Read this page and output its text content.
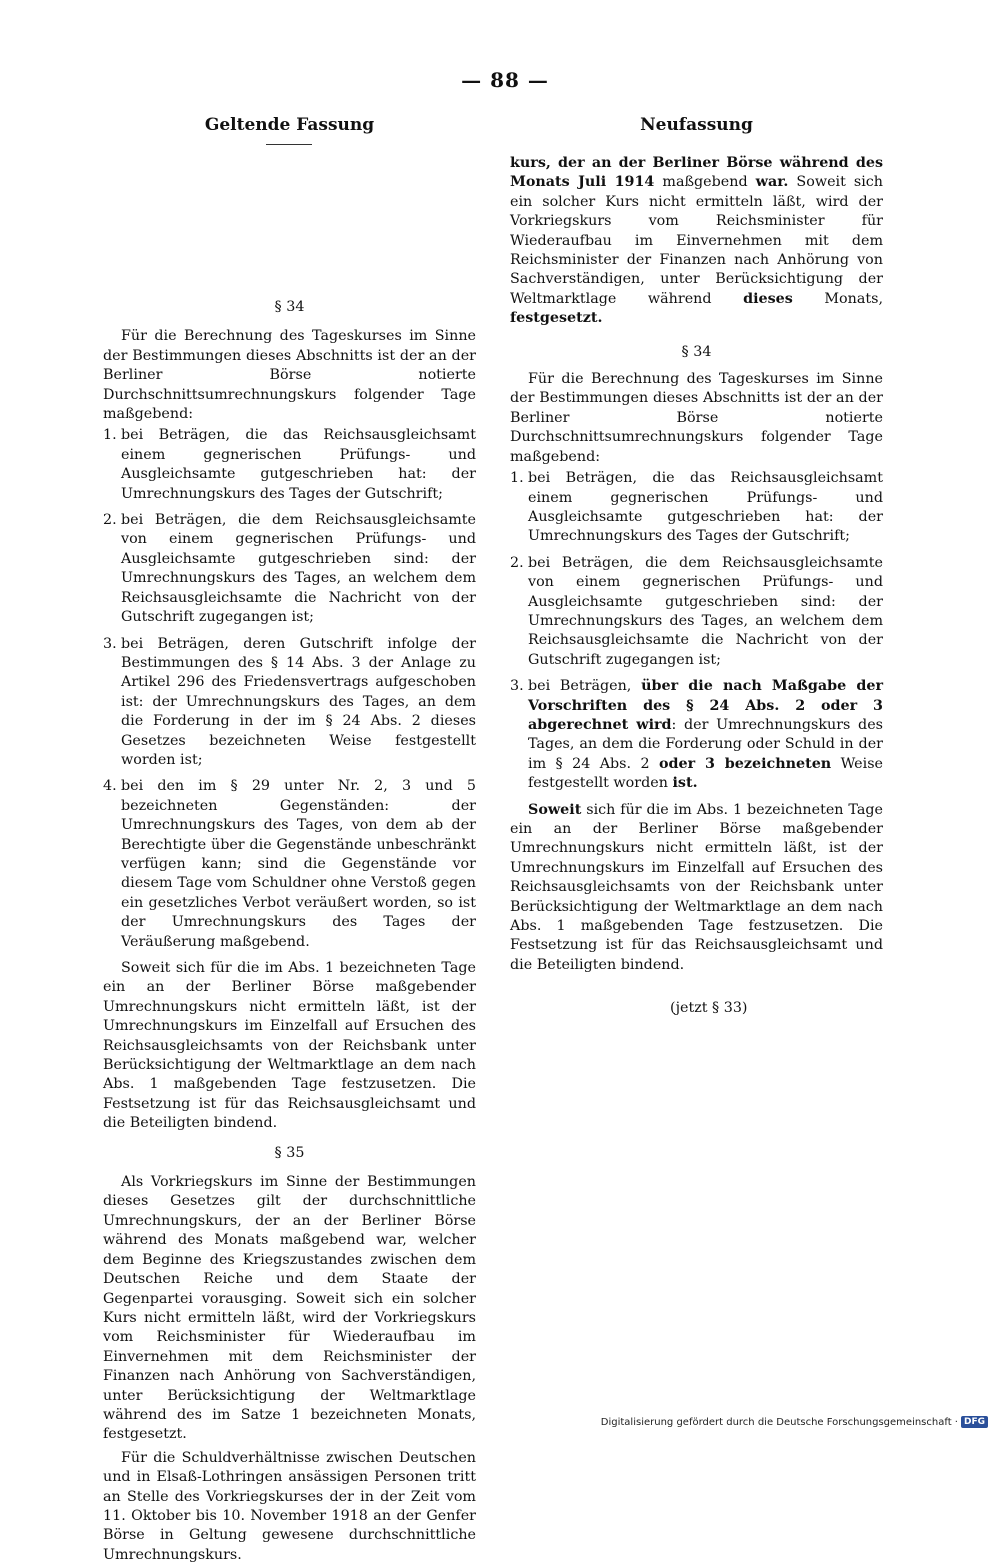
— 88 —
Geltende Fassung	Neufassung

§ 34

Für die Berechnung des Tageskurses im Sinne der Bestimmungen dieses Abschnitts ist der an der Berliner Börse notierte Durchschnittsumrechnungskurs folgender Tage maßgebend:

1. bei Beträgen, die das Reichsausgleichsamt einem gegnerischen Prüfungs- und Ausgleichsamte gutgeschrieben hat: der Umrechnungskurs des Tages der Gutschrift;
2. bei Beträgen, die dem Reichsausgleichsamte von einem gegnerischen Prüfungs- und Ausgleichsamte gutgeschrieben sind: der Umrechnungskurs des Tages, an welchem dem Reichsausgleichsamte die Nachricht von der Gutschrift zugegangen ist;
3. bei Beträgen, deren Gutschrift infolge der Bestimmungen des § 14 Abs. 3 der Anlage zu Artikel 296 des Friedensvertrags aufgeschoben ist: der Umrechnungskurs des Tages, an dem die Forderung in der im § 24 Abs. 2 dieses Gesetzes bezeichneten Weise festgestellt worden ist;
4. bei den im § 29 unter Nr. 2, 3 und 5 bezeichneten Gegenständen: der Umrechnungskurs des Tages, von dem ab der Berechtigte über die Gegenstände unbeschränkt verfügen kann; sind die Gegenstände vor diesem Tage vom Schuldner ohne Verstoß gegen ein gesetzliches Verbot veräußert worden, so ist der Umrechnungskurs des Tages der Veräußerung maßgebend.

Soweit sich für die im Abs. 1 bezeichneten Tage ein an der Berliner Börse maßgebender Umrechnungskurs nicht ermitteln läßt, ist der Umrechnungskurs im Einzelfall auf Ersuchen des Reichsausgleichsamts von der Reichsbank unter Berücksichtigung der Weltmarktlage an dem nach Abs. 1 maßgebenden Tage festzusetzen. Die Festsetzung ist für das Reichsausgleichsamt und die Beteiligten bindend.

§ 35

Als Vorkriegskurs im Sinne der Bestimmungen dieses Gesetzes gilt der durchschnittliche Umrechnungskurs, der an der Berliner Börse während des Monats maßgebend war, welcher dem Beginne des Kriegszustandes zwischen dem Deutschen Reiche und dem Staate der Gegenpartei vorausging. Soweit sich ein solcher Kurs nicht ermitteln läßt, wird der Vorkriegskurs vom Reichsminister für Wiederaufbau im Einvernehmen mit dem Reichsminister der Finanzen nach Anhörung von Sachverständigen, unter Berücksichtigung der Weltmarktlage während des im Satze 1 bezeichneten Monats, festgesetzt.

Für die Schuldverhältnisse zwischen Deutschen und in Elsaß-Lothringen ansässigen Personen tritt an Stelle des Vorkriegskurses der in der Zeit vom 11. Oktober bis 10. November 1918 an der Genfer Börse in Geltung gewesene durchschnittliche Umrechnungskurs.

kurs, der an der Berliner Börse während des Monats Juli 1914 maßgebend war. Soweit sich ein solcher Kurs nicht ermitteln läßt, wird der Vorkriegskurs vom Reichsminister für Wiederaufbau im Einvernehmen mit dem Reichsminister der Finanzen nach Anhörung von Sachverständigen, unter Berücksichtigung der Weltmarktlage während dieses Monats, festgesetzt.

§ 34

Für die Berechnung des Tageskurses im Sinne der Bestimmungen dieses Abschnitts ist der an der Berliner Börse notierte Durchschnittsumrechnungskurs folgender Tage maßgebend:

1. bei Beträgen, die das Reichsausgleichsamt einem gegnerischen Prüfungs- und Ausgleichsamte gutgeschrieben hat: der Umrechnungskurs des Tages der Gutschrift;
2. bei Beträgen, die dem Reichsausgleichsamte von einem gegnerischen Prüfungs- und Ausgleichsamte gutgeschrieben sind: der Umrechnungskurs des Tages, an welchem dem Reichsausgleichsamte die Nachricht von der Gutschrift zugegangen ist;
3. bei Beträgen, über die nach Maßgabe der Vorschriften des § 24 Abs. 2 oder 3 abgerechnet wird: der Umrechnungskurs des Tages, an dem die Forderung oder Schuld in der im § 24 Abs. 2 oder 3 bezeichneten Weise festgestellt worden ist.

Soweit sich für die im Abs. 1 bezeichneten Tage ein an der Berliner Börse maßgebender Umrechnungskurs nicht ermitteln läßt, ist der Umrechnungskurs im Einzelfall auf Ersuchen des Reichsausgleichsamts von der Reichsbank unter Berücksichtigung der Weltmarktlage an dem nach Abs. 1 maßgebenden Tage festzusetzen. Die Festsetzung ist für das Reichsausgleichsamt und die Beteiligten bindend.

(jetzt § 33)
Digitalisierung gefördert durch die Deutsche Forschungsgemeinschaft · DFG
